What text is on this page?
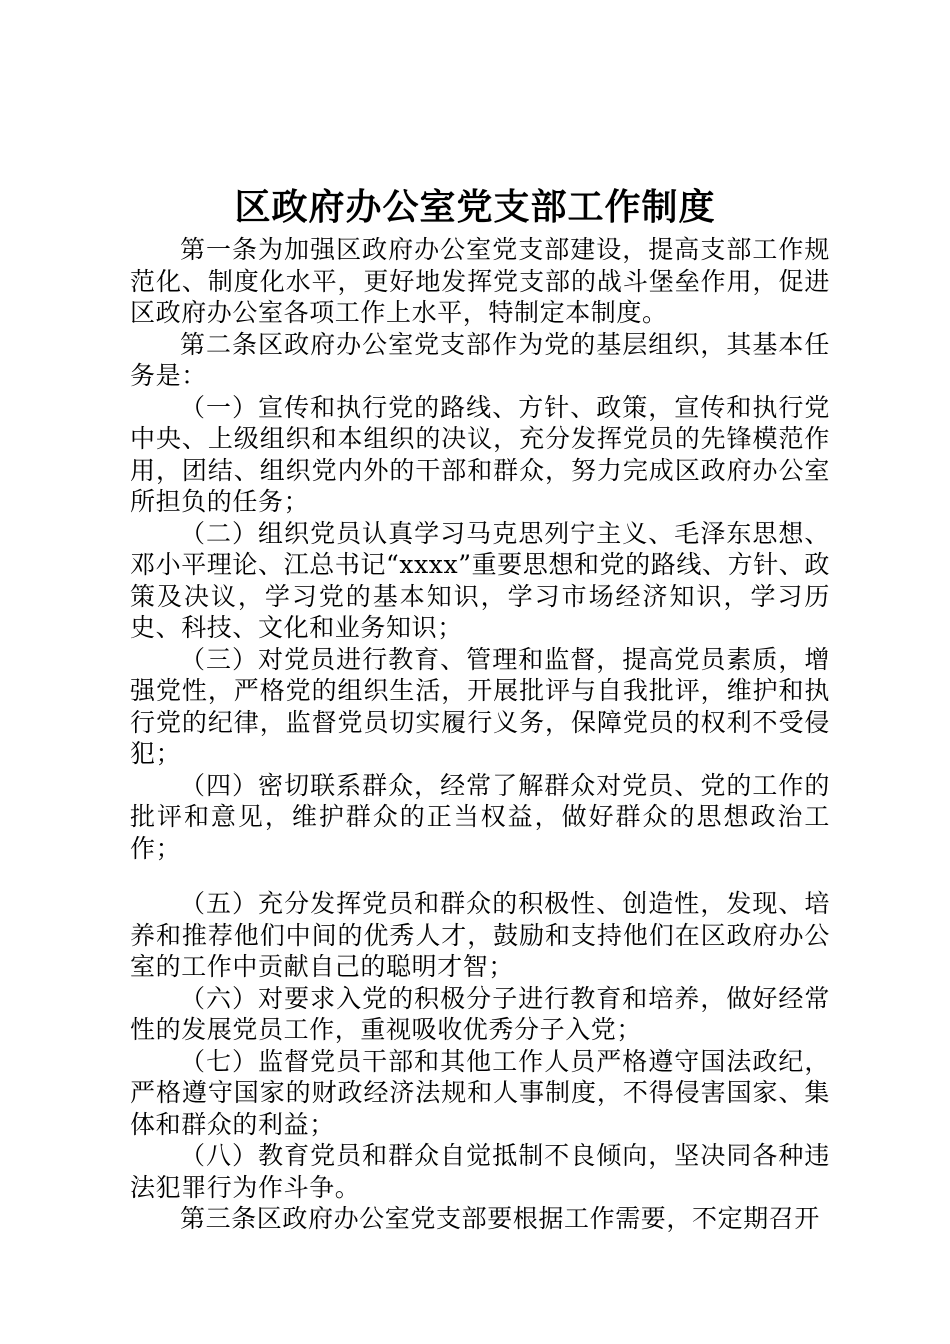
区政府办公室党支部工作制度

第一条为加强区政府办公室党支部建设，提高支部工作规范化、制度化水平，更好地发挥党支部的战斗堡垒作用，促进区政府办公室各项工作上水平，特制定本制度。

第二条区政府办公室党支部作为党的基层组织，其基本任务是：

（一）宣传和执行党的路线、方针、政策，宣传和执行党中央、上级组织和本组织的决议，充分发挥党员的先锋模范作用，团结、组织党内外的干部和群众，努力完成区政府办公室所担负的任务；

（二）组织党员认真学习马克思列宁主义、毛泽东思想、邓小平理论、江总书记“xxxx”重要思想和党的路线、方针、政策及决议，学习党的基本知识，学习市场经济知识，学习历史、科技、文化和业务知识；

（三）对党员进行教育、管理和监督，提高党员素质，增强党性，严格党的组织生活，开展批评与自我批评，维护和执行党的纪律，监督党员切实履行义务，保障党员的权利不受侵犯；

（四）密切联系群众，经常了解群众对党员、党的工作的批评和意见，维护群众的正当权益，做好群众的思想政治工作；

（五）充分发挥党员和群众的积极性、创造性，发现、培养和推荐他们中间的优秀人才，鼓励和支持他们在区政府办公室的工作中贡献自己的聪明才智；

（六）对要求入党的积极分子进行教育和培养，做好经常性的发展党员工作，重视吸收优秀分子入党；

（七）监督党员干部和其他工作人员严格遵守国法政纪，严格遵守国家的财政经济法规和人事制度，不得侵害国家、集体和群众的利益；

（八）教育党员和群众自觉抵制不良倾向，坚决同各种违法犯罪行为作斗争。

第三条区政府办公室党支部要根据工作需要，不定期召开
